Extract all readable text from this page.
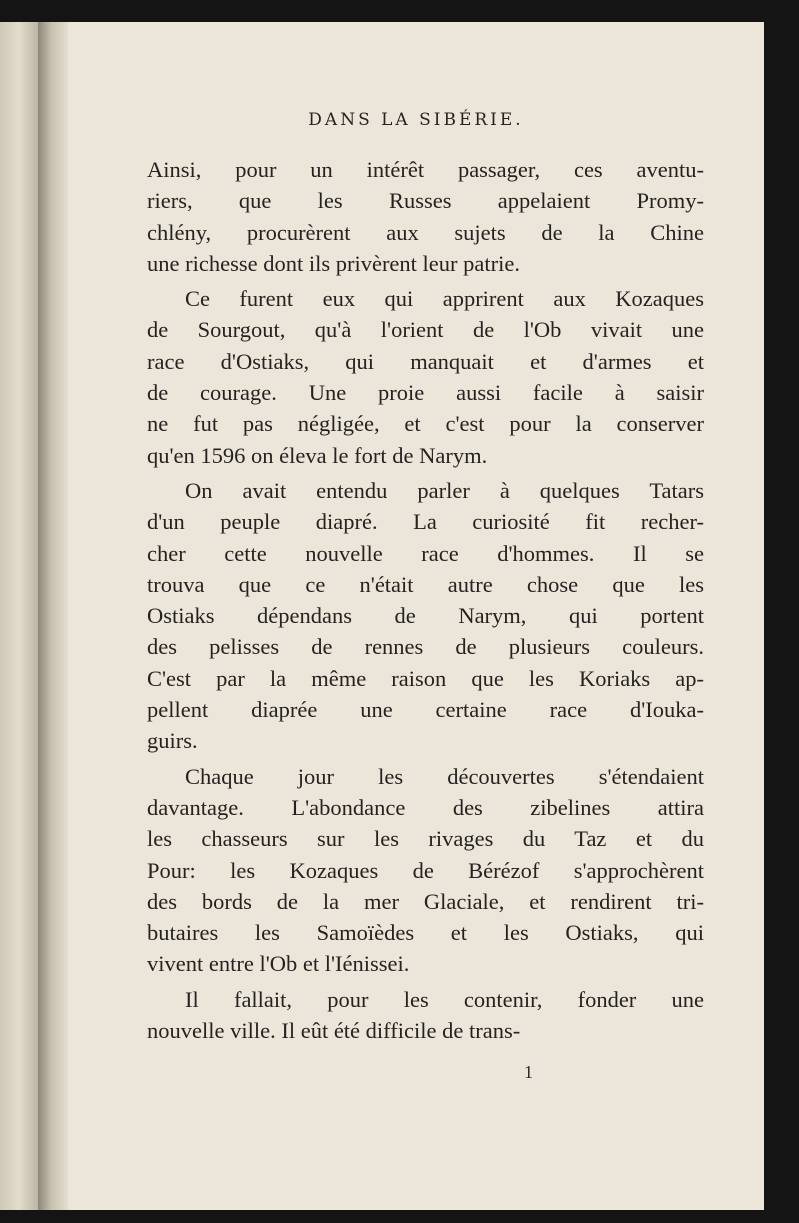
DANS LA SIBÉRIE.
Ainsi, pour un intérêt passager, ces aventu-
riers, que les Russes appelaient Promy-
chlény, procurèrent aux sujets de la Chine
une richesse dont ils privèrent leur patrie.
Ce furent eux qui apprirent aux Kozaques
de Sourgout, qu'à l'orient de l'Ob vivait une
race d'Ostiaks, qui manquait et d'armes et
de courage. Une proie aussi facile à saisir
ne fut pas négligée, et c'est pour la conserver
qu'en 1596 on éleva le fort de Narym.
On avait entendu parler à quelques Tatars
d'un peuple diapré. La curiosité fit recher-
cher cette nouvelle race d'hommes. Il se
trouva que ce n'était autre chose que les
Ostiaks dépendans de Narym, qui portent
des pelisses de rennes de plusieurs couleurs.
C'est par la même raison que les Koriaks ap-
pellent diaprée une certaine race d'Iouka-
guirs.
Chaque jour les découvertes s'étendaient
davantage. L'abondance des zibelines attira
les chasseurs sur les rivages du Taz et du
Pour: les Kozaques de Bérézof s'approchèrent
des bords de la mer Glaciale, et rendirent tri-
butaires les Samoïèdes et les Ostiaks, qui
vivent entre l'Ob et l'Iénissei.
Il fallait, pour les contenir, fonder une
nouvelle ville. Il eût été difficile de trans-
1
